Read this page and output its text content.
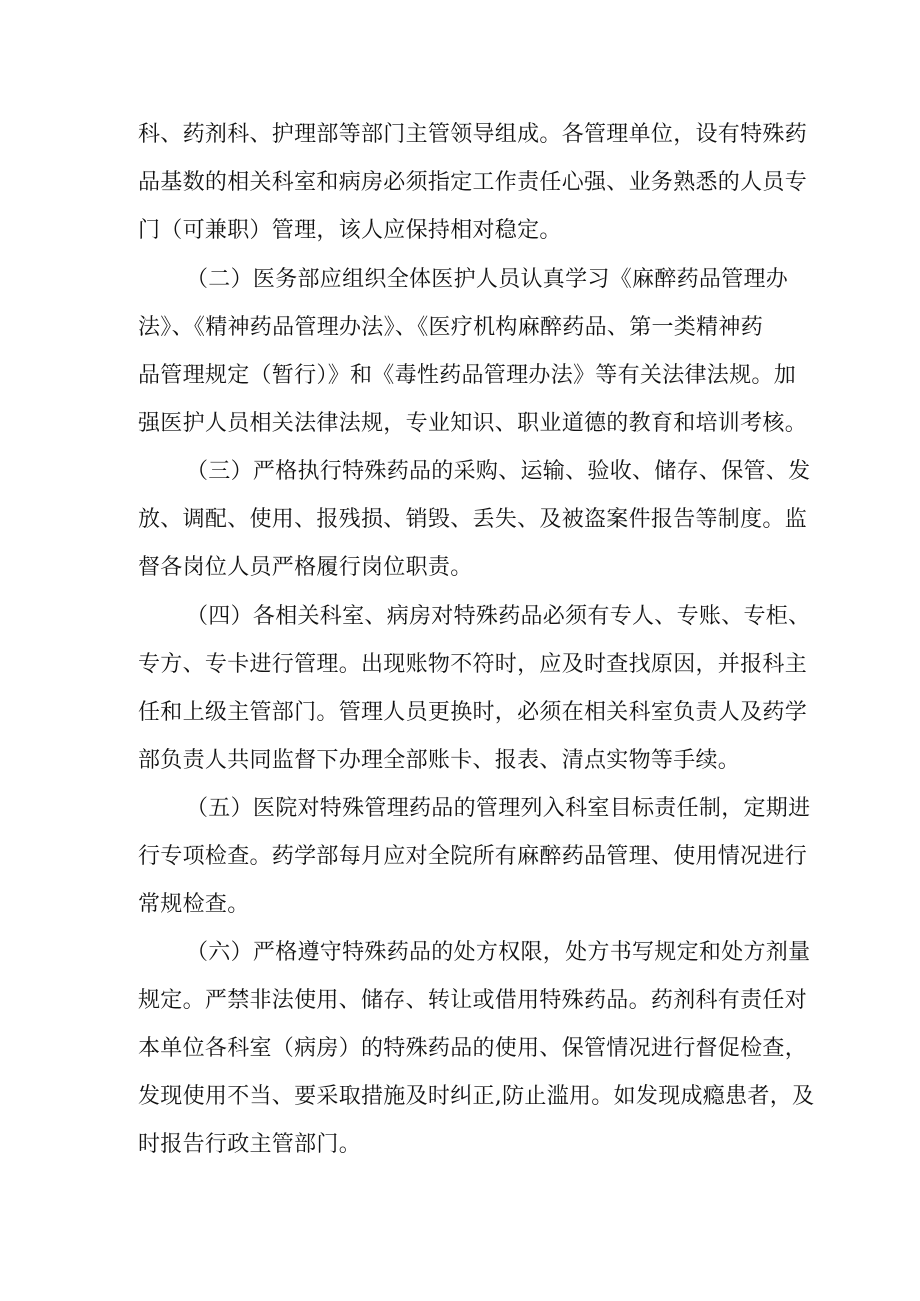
科、药剂科、护理部等部门主管领导组成。各管理单位，设有特殊药
品基数的相关科室和病房必须指定工作责任心强、业务熟悉的人员专
门（可兼职）管理，该人应保持相对稳定。
（二）医务部应组织全体医护人员认真学习《麻醉药品管理办
法》、《精神药品管理办法》、《医疗机构麻醉药品、第一类精神药
品管理规定（暂行）》和《毒性药品管理办法》等有关法律法规。加
强医护人员相关法律法规，专业知识、职业道德的教育和培训考核。
（三）严格执行特殊药品的采购、运输、验收、储存、保管、发
放、调配、使用、报残损、销毁、丢失、及被盗案件报告等制度。监
督各岗位人员严格履行岗位职责。
（四）各相关科室、病房对特殊药品必须有专人、专账、专柜、
专方、专卡进行管理。出现账物不符时，应及时查找原因，并报科主
任和上级主管部门。管理人员更换时，必须在相关科室负责人及药学
部负责人共同监督下办理全部账卡、报表、清点实物等手续。
（五）医院对特殊管理药品的管理列入科室目标责任制，定期进
行专项检查。药学部每月应对全院所有麻醉药品管理、使用情况进行
常规检查。
（六）严格遵守特殊药品的处方权限，处方书写规定和处方剂量
规定。严禁非法使用、储存、转让或借用特殊药品。药剂科有责任对
本单位各科室（病房）的特殊药品的使用、保管情况进行督促检查，
发现使用不当、要采取措施及时纠正,防止滥用。如发现成瘾患者，及
时报告行政主管部门。
